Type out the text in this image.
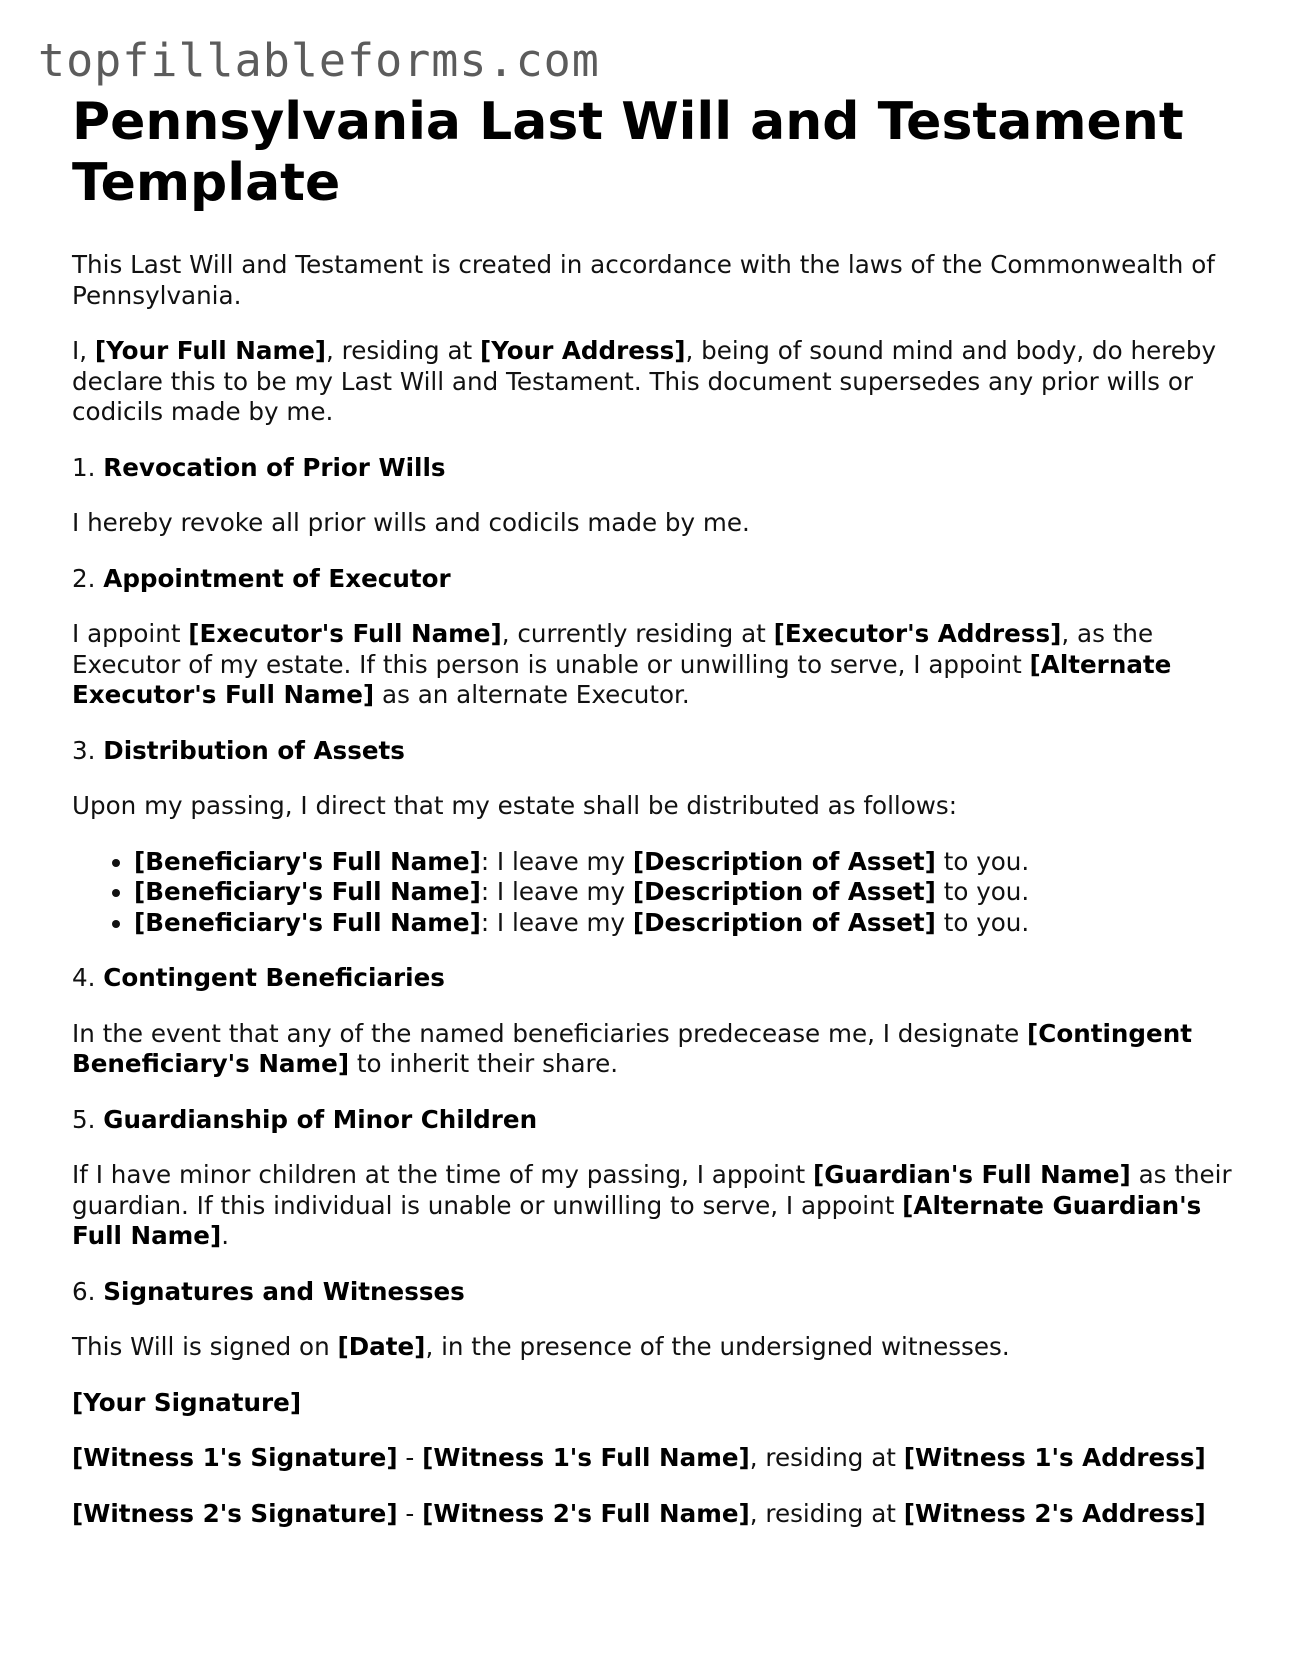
topfillableforms.com
Pennsylvania Last Will and Testament Template

This Last Will and Testament is created in accordance with the laws of the Commonwealth of Pennsylvania.

I, [Your Full Name], residing at [Your Address], being of sound mind and body, do hereby declare this to be my Last Will and Testament. This document supersedes any prior wills or codicils made by me.

1. Revocation of Prior Wills

I hereby revoke all prior wills and codicils made by me.

2. Appointment of Executor

I appoint [Executor's Full Name], currently residing at [Executor's Address], as the Executor of my estate. If this person is unable or unwilling to serve, I appoint [Alternate Executor's Full Name] as an alternate Executor.

3. Distribution of Assets

Upon my passing, I direct that my estate shall be distributed as follows:

• [Beneficiary's Full Name]: I leave my [Description of Asset] to you.
• [Beneficiary's Full Name]: I leave my [Description of Asset] to you.
• [Beneficiary's Full Name]: I leave my [Description of Asset] to you.

4. Contingent Beneficiaries

In the event that any of the named beneficiaries predecease me, I designate [Contingent Beneficiary's Name] to inherit their share.

5. Guardianship of Minor Children

If I have minor children at the time of my passing, I appoint [Guardian's Full Name] as their guardian. If this individual is unable or unwilling to serve, I appoint [Alternate Guardian's Full Name].

6. Signatures and Witnesses

This Will is signed on [Date], in the presence of the undersigned witnesses.

[Your Signature]

[Witness 1's Signature] - [Witness 1's Full Name], residing at [Witness 1's Address]

[Witness 2's Signature] - [Witness 2's Full Name], residing at [Witness 2's Address]
